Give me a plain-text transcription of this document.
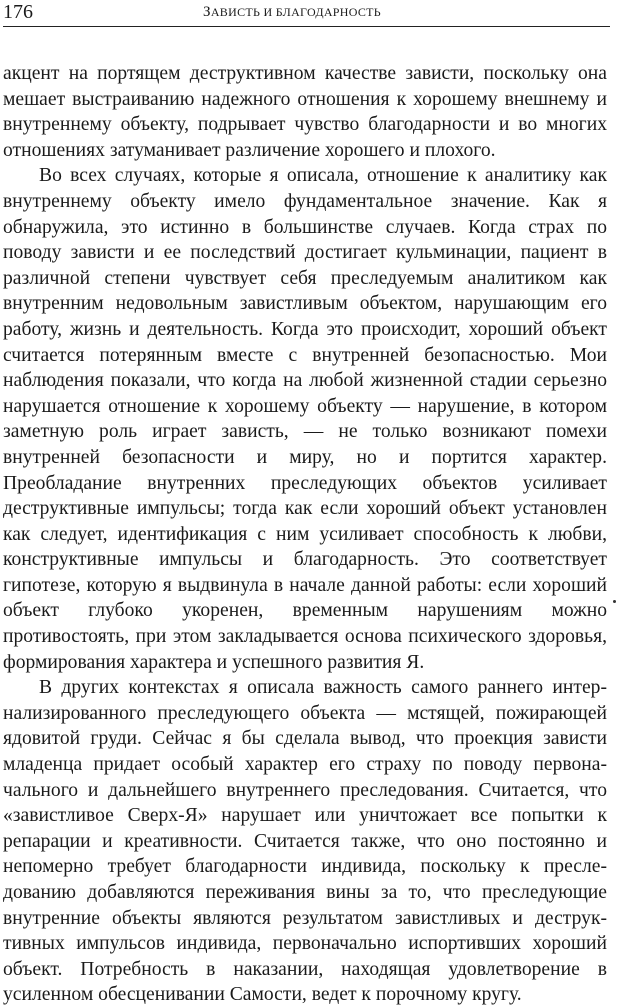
176	ЗАВИСТЬ И БЛАГОДАРНОСТЬ

акцент на портящем деструктивном качестве зависти, поскольку она мешает выстраиванию надежного отношения к хорошему внешнему и внутреннему объекту, подрывает чувство благодарности и во многих отношениях затуманивает различение хорошего и плохого.

Во всех случаях, которые я описала, отношение к аналитику как внутреннему объекту имело фундаментальное значение. Как я обнаружила, это истинно в большинстве случаев. Когда страх по поводу зависти и ее последствий достигает кульминации, пациент в различной степени чувствует себя преследуемым аналитиком как внутренним недовольным завистливым объектом, нарушающим его работу, жизнь и деятельность. Когда это происходит, хороший объект считается потерянным вместе с внутренней безопасностью. Мои наблюдения показали, что когда на любой жизненной стадии серьезно нарушается отношение к хорошему объекту — нарушение, в котором заметную роль играет зависть, — не только возникают помехи внутренней безопасности и миру, но и портится характер. Преобладание внутренних преследующих объектов усиливает деструктивные импульсы; тогда как если хороший объект установлен как следует, идентификация с ним усиливает способность к любви, конструктивные импульсы и благодарность. Это соответствует гипотезе, которую я выдвинула в начале данной работы: если хороший объект глубоко укоренен, временным нарушениям можно противостоять, при этом закладывается основа психического здоровья, формирования характера и успешного развития Я.

В других контекстах я описала важность самого раннего интернализированного преследующего объекта — мстящей, пожирающей ядовитой груди. Сейчас я бы сделала вывод, что проекция зависти младенца придает особый характер его страху по поводу первоначального и дальнейшего внутреннего преследования. Считается, что «завистливое Сверх-Я» нарушает или уничтожает все попытки к репарации и креативности. Считается также, что оно постоянно и непомерно требует благодарности индивида, поскольку к преследованию добавляются переживания вины за то, что преследующие внутренние объекты являются результатом завистливых и деструктивных импульсов индивида, первоначально испортивших хороший объект. Потребность в наказании, находящая удовлетворение в усиленном обесценивании Самости, ведет к порочному кругу.
